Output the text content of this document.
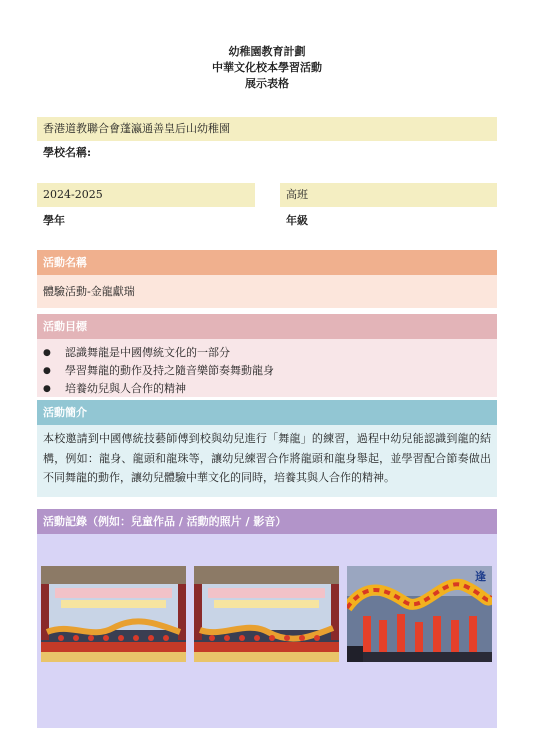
幼稚園教育計劃
中華文化校本學習活動
展示表格
香港道教聯合會蓬瀛通善皇后山幼稚園
學校名稱:
2024-2025
學年
高班
年級
活動名稱
體驗活動-金龍獻瑞
活動目標
● 認識舞龍是中國傳統文化的一部分
● 學習舞龍的動作及持之隨音樂節奏舞動龍身
● 培養幼兒與人合作的精神
活動簡介
本校邀請到中國傳統技藝師傅到校與幼兒進行「舞龍」的練習，過程中幼兒能認識到龍的結構，例如：龍身、龍頭和龍珠等，讓幼兒練習合作將龍頭和龍身舉起，並學習配合節奏做出不同舞龍的動作，讓幼兒體驗中華文化的同時，培養其與人合作的精神。
活動記錄（例如：兒童作品 / 活動的照片 / 影音）
逢
